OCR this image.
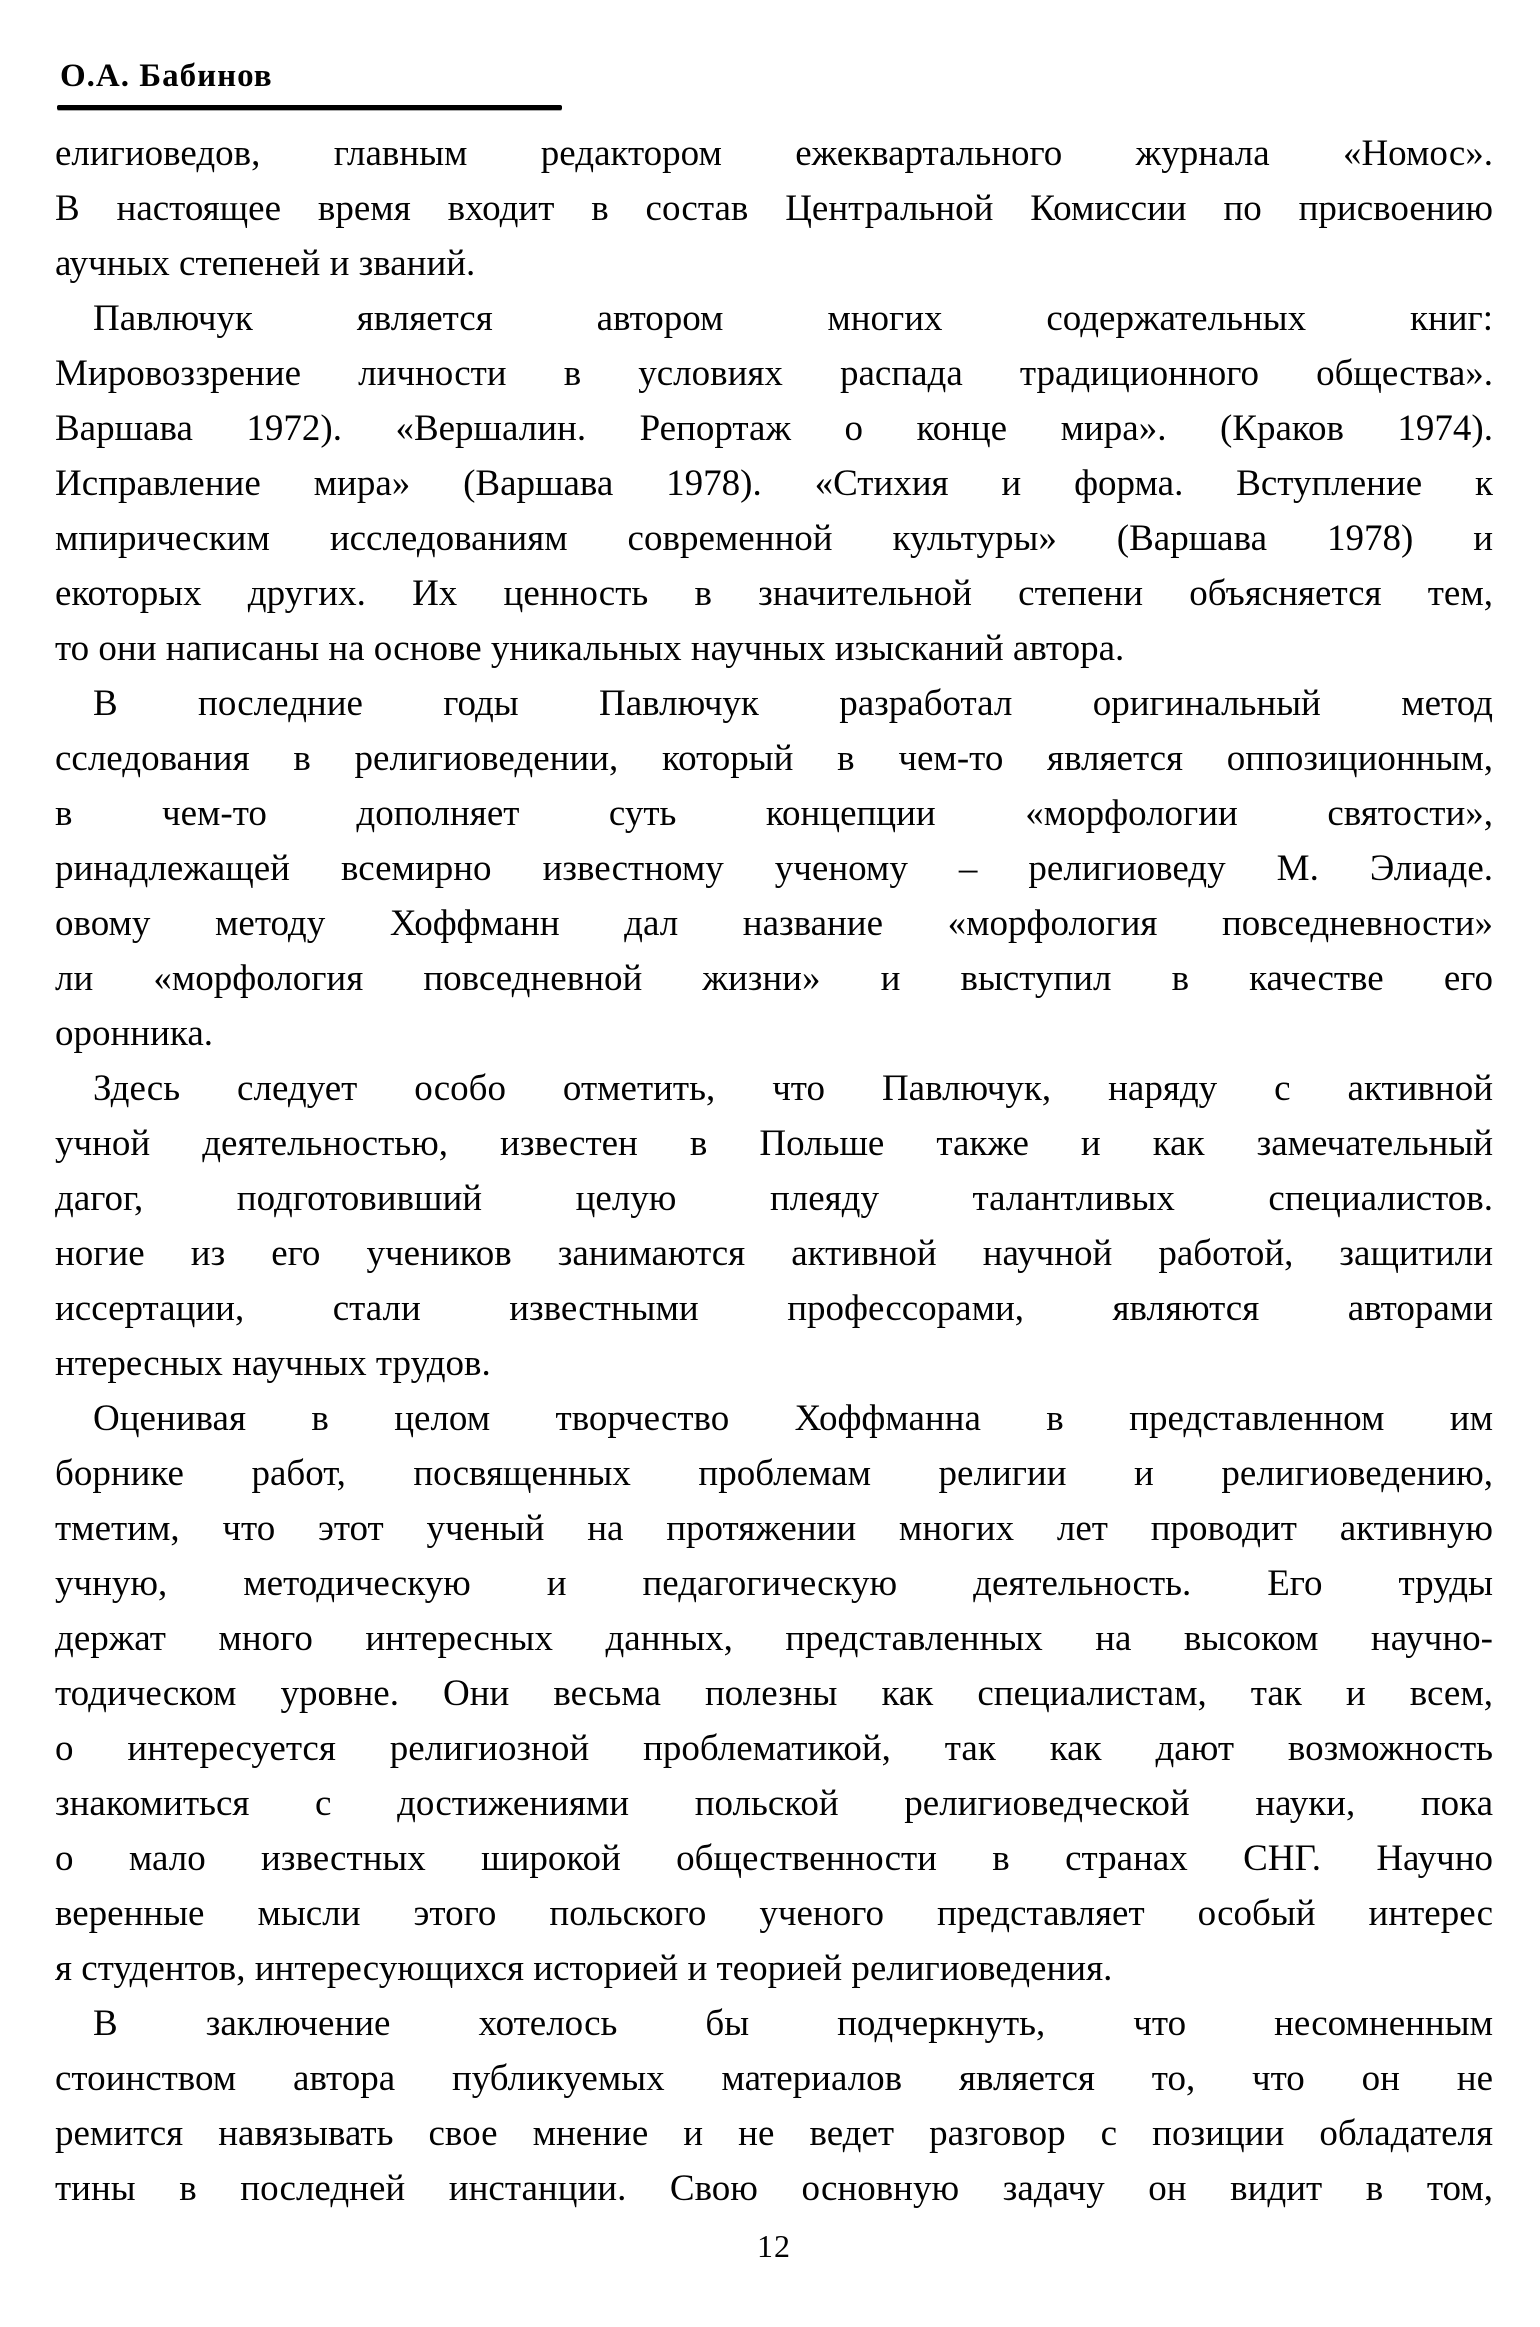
О.А. Бабинов
елигиоведов, главным редактором ежеквартального журнала «Номос».
В настоящее время входит в состав Центральной Комиссии по присвоению
аучных степеней и званий.
Павлючук является автором многих содержательных книг:
Мировоззрение личности в условиях распада традиционного общества».
Варшава 1972). «Вершалин. Репортаж о конце мира». (Краков 1974).
Исправление мира» (Варшава 1978). «Стихия и форма. Вступление к
мпирическим исследованиям современной культуры» (Варшава 1978) и
екоторых других. Их ценность в значительной степени объясняется тем,
то они написаны на основе уникальных научных изысканий автора.
В последние годы Павлючук разработал оригинальный метод
сследования в религиоведении, который в чем-то является оппозиционным,
в чем-то дополняет суть концепции «морфологии святости»,
ринадлежащей всемирно известному ученому – религиоведу М. Элиаде.
овому методу Хоффманн дал название «морфология повседневности»
ли «морфология повседневной жизни» и выступил в качестве его
оронника.
Здесь следует особо отметить, что Павлючук, наряду с активной
учной деятельностью, известен в Польше также и как замечательный
дагог, подготовивший целую плеяду талантливых специалистов.
ногие из его учеников занимаются активной научной работой, защитили
иссертации, стали известными профессорами, являются авторами
нтересных научных трудов.
Оценивая в целом творчество Хоффманна в представленном им
борнике работ, посвященных проблемам религии и религиоведению,
тметим, что этот ученый на протяжении многих лет проводит активную
учную, методическую и педагогическую деятельность. Его труды
держат много интересных данных, представленных на высоком научно-
тодическом уровне. Они весьма полезны как специалистам, так и всем,
о интересуется религиозной проблематикой, так как дают возможность
знакомиться с достижениями польской религиоведческой науки, пока
о мало известных широкой общественности в странах СНГ. Научно
веренные мысли этого польского ученого представляет особый интерес
я студентов, интересующихся историей и теорией религиоведения.
В заключение хотелось бы подчеркнуть, что несомненным
стоинством автора публикуемых материалов является то, что он не
ремится навязывать свое мнение и не ведет разговор с позиции обладателя
тины в последней инстанции. Свою основную задачу он видит в том,
12
